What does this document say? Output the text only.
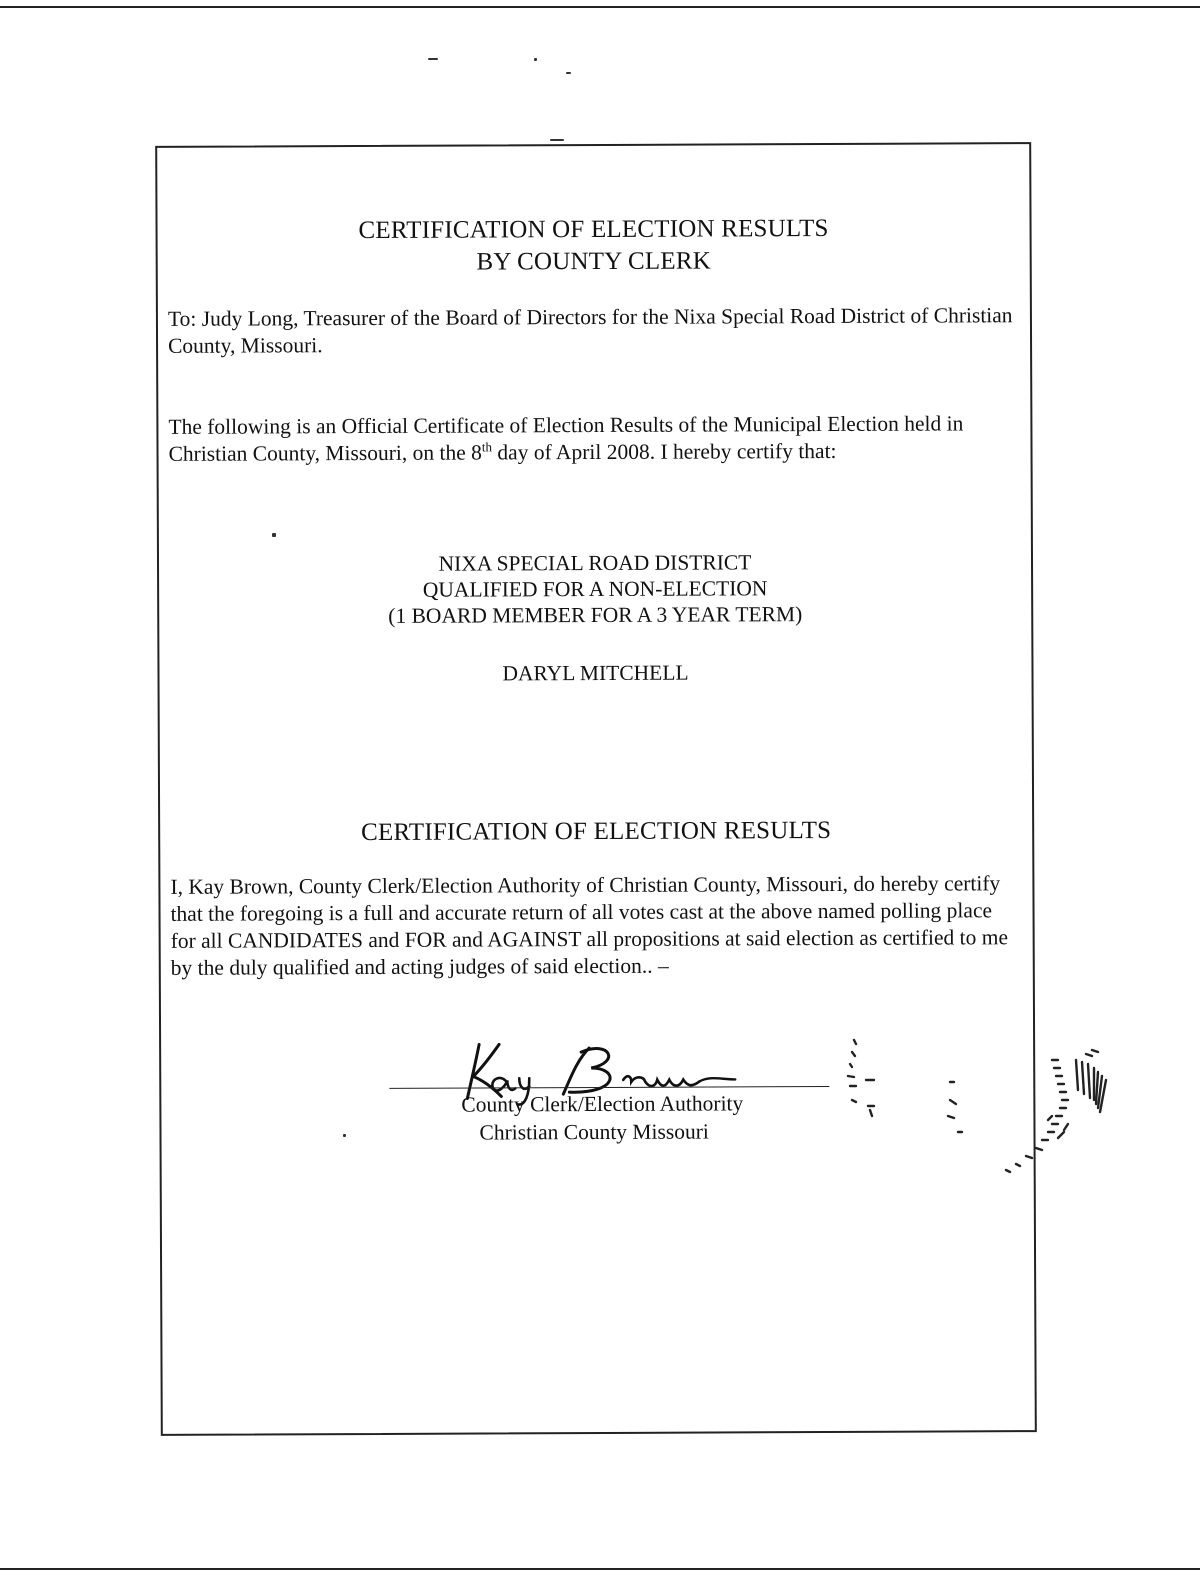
CERTIFICATION OF ELECTION RESULTS
BY COUNTY CLERK
To: Judy Long, Treasurer of the Board of Directors for the Nixa Special Road District of Christian County, Missouri.
The following is an Official Certificate of Election Results of the Municipal Election held in Christian County, Missouri, on the 8th day of April 2008. I hereby certify that:
NIXA SPECIAL ROAD DISTRICT
QUALIFIED FOR A NON-ELECTION
(1 BOARD MEMBER FOR A 3 YEAR TERM)
DARYL MITCHELL
CERTIFICATION OF ELECTION RESULTS
I, Kay Brown, County Clerk/Election Authority of Christian County, Missouri, do hereby certify that the foregoing is a full and accurate return of all votes cast at the above named polling place for all CANDIDATES and FOR and AGAINST all propositions at said election as certified to me by the duly qualified and acting judges of said election.. –
County Clerk/Election Authority
Christian County Missouri
